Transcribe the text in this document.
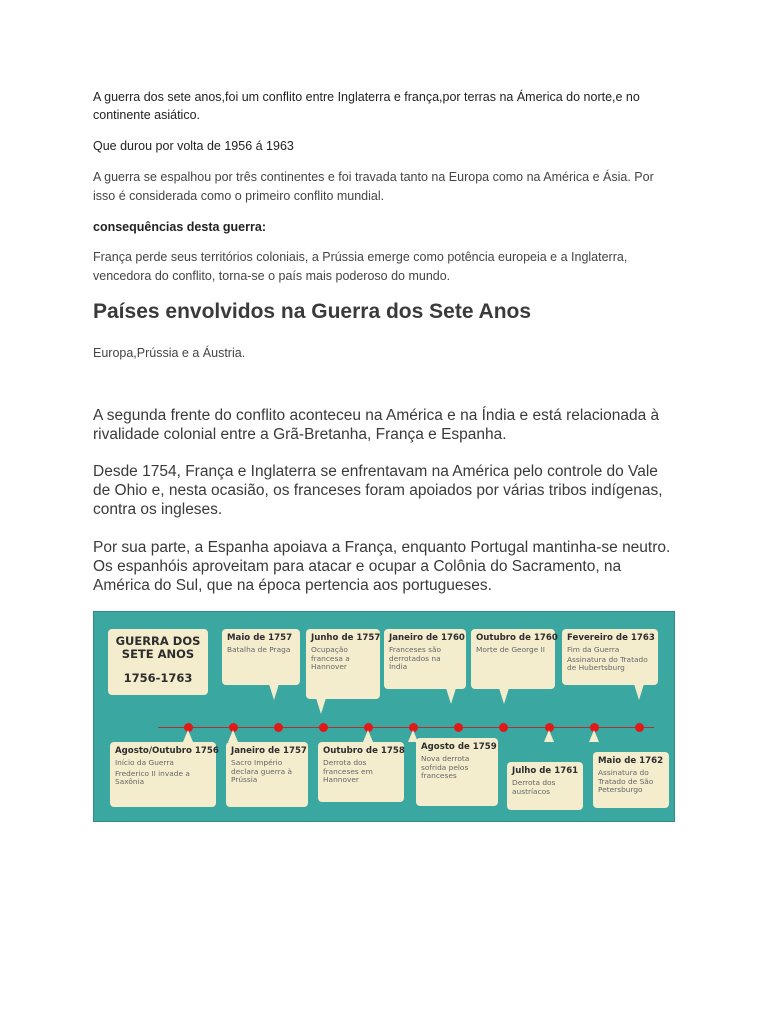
A guerra dos sete anos,foi um conflito entre Inglaterra e frança,por terras na Ámerica do norte,e no continente asiático.

Que durou por volta de 1956 á 1963

A guerra se espalhou por três continentes e foi travada tanto na Europa como na América e Ásia. Por isso é considerada como o primeiro conflito mundial.

consequências desta guerra:

França perde seus territórios coloniais, a Prússia emerge como potência europeia e a Inglaterra, vencedora do conflito, torna-se o país mais poderoso do mundo.

Países envolvidos na Guerra dos Sete Anos

Europa,Prússia e a Áustria.

A segunda frente do conflito aconteceu na América e na Índia e está relacionada à rivalidade colonial entre a Grã-Bretanha, França e Espanha.

Desde 1754, França e Inglaterra se enfrentavam na América pelo controle do Vale de Ohio e, nesta ocasião, os franceses foram apoiados por várias tribos indígenas, contra os ingleses.

Por sua parte, a Espanha apoiava a França, enquanto Portugal mantinha-se neutro. Os espanhóis aproveitam para atacar e ocupar a Colônia do Sacramento, na América do Sul, que na época pertencia aos portugueses.

GUERRA DOS SETE ANOS
1756-1763
Maio de 1757
Batalha de Praga
Junho de 1757
Ocupação francesa a Hannover
Janeiro de 1760
Franceses são derrotados na Índia
Outubro de 1760
Morte de George II
Fevereiro de 1763
Fim da Guerra
Assinatura do Tratado de Hubertsburg
Agosto/Outubro 1756
Início da Guerra
Frederico II invade a Saxônia
Janeiro de 1757
Sacro Império declara guerra à Prússia
Outubro de 1758
Derrota dos franceses em Hannover
Agosto de 1759
Nova derrota sofrida pelos franceses	Julho de 1761
Derrota dos austríacos
Maio de 1762
Assinatura do Tratado de São Petersburgo
